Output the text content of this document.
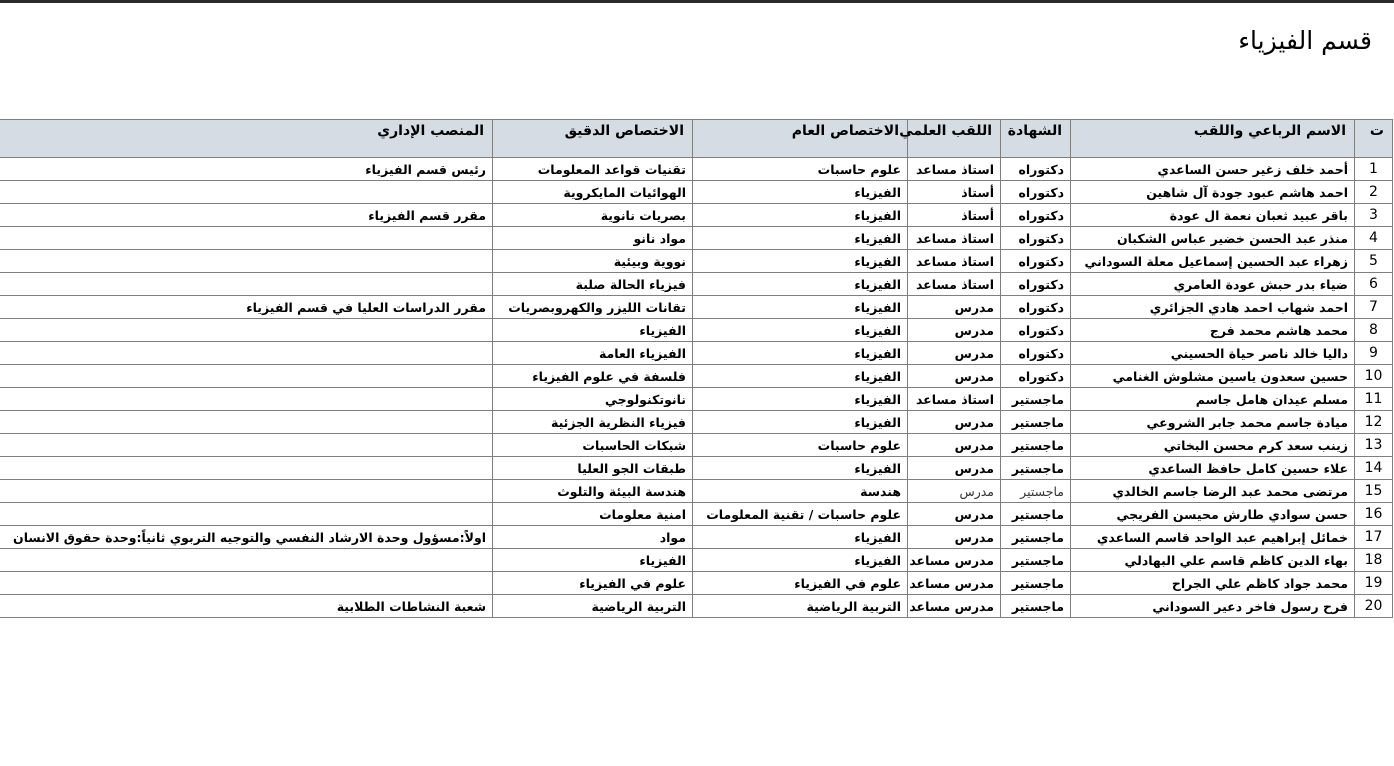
قسم الفيزياء
ت	الاسم الرباعي واللقب	الشهادة	اللقب العلمي	الاختصاص العام	الاختصاص الدقيق	المنصب الإداري
1	أحمد خلف زغير حسن الساعدي	دكتوراه	استاذ مساعد	علوم حاسبات	تقنيات قواعد المعلومات	رئيس قسم الفيزياء
2	احمد هاشم عبود جودة آل شاهين	دكتوراه	أستاذ	الفيزياء	الهوائيات المايكروية	
3	باقر عبيد ثعبان نعمة ال عودة	دكتوراه	أستاذ	الفيزياء	بصريات نانوية	مقرر قسم الفيزياء
4	منذر عبد الحسن خضير عباس الشكبان	دكتوراه	استاذ مساعد	الفيزياء	مواد نانو	
5	زهراء عبد الحسين إسماعيل معلة السوداني	دكتوراه	استاذ مساعد	الفيزياء	نووية وبيئية	
6	ضياء بدر حبش عودة العامري	دكتوراه	استاذ مساعد	الفيزياء	فيزياء الحالة صلبة	
7	احمد شهاب احمد هادي الجزائري	دكتوراه	مدرس	الفيزياء	تقانات الليزر والكهروبصريات	مقرر الدراسات العليا في قسم الفيزياء
8	محمد هاشم محمد فرج	دكتوراه	مدرس	الفيزياء	الفيزياء	
9	داليا خالد ناصر حياة الحسيني	دكتوراه	مدرس	الفيزياء	الفيزياء العامة	
10	حسين سعدون ياسين مشلوش الغنامي	دكتوراه	مدرس	الفيزياء	فلسفة في علوم الفيزياء	
11	مسلم عيدان هامل جاسم	ماجستير	استاذ مساعد	الفيزياء	نانوتكنولوجي	
12	ميادة جاسم محمد جابر الشروعي	ماجستير	مدرس	الفيزياء	فيزياء النظرية الجزئية	
13	زينب سعد كرم محسن البخاتي	ماجستير	مدرس	علوم حاسبات	شبكات الحاسبات	
14	علاء حسين كامل حافظ الساعدي	ماجستير	مدرس	الفيزياء	طبقات الجو العليا	
15	مرتضى محمد عبد الرضا جاسم الخالدي	ماجستير	مدرس	هندسة	هندسة البيئة والتلوث	
16	حسن سوادي طارش محيسن الفريجي	ماجستير	مدرس	علوم حاسبات / تقنية المعلومات	امنية معلومات	
17	خمائل إبراهيم عبد الواحد قاسم الساعدي	ماجستير	مدرس	الفيزياء	مواد	اولاً:مسؤول وحدة الارشاد النفسي والتوجيه التربوي ثانياً:وحدة حقوق الانسان
18	بهاء الدين كاظم قاسم علي البهادلي	ماجستير	مدرس مساعد	الفيزياء	الفيزياء	
19	محمد جواد كاظم علي الجراح	ماجستير	مدرس مساعد	علوم في الفيزياء	علوم في الفيزياء	
20	فرح رسول فاخر دعير السوداني	ماجستير	مدرس مساعد	التربية الرياضية	التربية الرياضية	شعبة النشاطات الطلابية
